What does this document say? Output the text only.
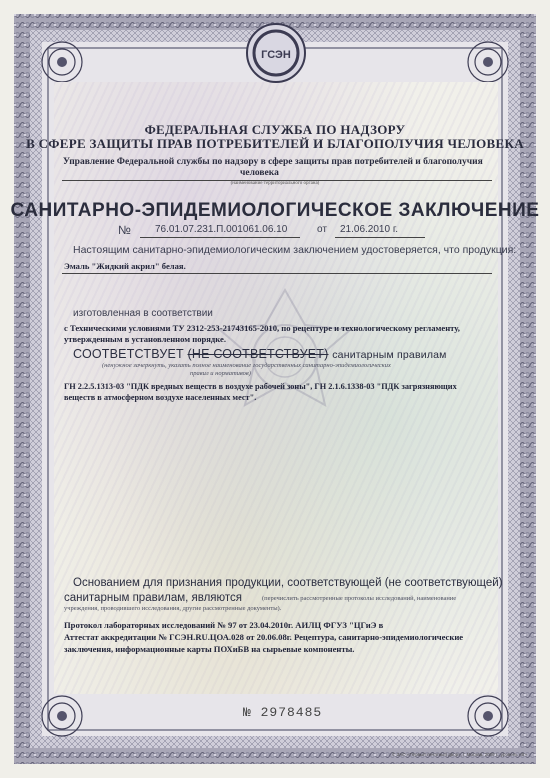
ГСЭН
ФЕДЕРАЛЬНАЯ СЛУЖБА ПО НАДЗОРУ
В СФЕРЕ ЗАЩИТЫ ПРАВ ПОТРЕБИТЕЛЕЙ И БЛАГОПОЛУЧИЯ ЧЕЛОВЕКА
Управление Федеральной службы по надзору в сфере защиты прав потребителей и благополучия
человека
(наименование территориального органа)
САНИТАРНО-ЭПИДЕМИОЛОГИЧЕСКОЕ ЗАКЛЮЧЕНИЕ
№ 76.01.07.231.П.001061.06.10	от 21.06.2010 г.
Настоящим санитарно-эпидемиологическим заключением удостоверяется, что продукция:
Эмаль "Жидкий акрил" белая.
изготовленная в соответствии
с Техническими условиями ТУ 2312-253-21743165-2010, по рецептуре и технологическому регламенту,
утвержденным в установленном порядке.
СООТВЕТСТВУЕТ (НЕ СООТВЕТСТВУЕТ) санитарным правилам
(ненужное зачеркнуть, указать полное наименование государственных санитарно-эпидемиологических
правил и нормативов)
ГН 2.2.5.1313-03 "ПДК вредных веществ в воздухе рабочей зоны", ГН 2.1.6.1338-03 "ПДК загрязняющих
веществ в атмосферном воздухе населенных мест".
Основанием для признания продукции, соответствующей (не соответствующей)
санитарным правилам, являются	(перечислить рассмотренные протоколы исследований, наименование
учреждения, проводившего исследования, другие рассмотренные документы).
Протокол лабораторных исследований № 97 от 23.04.2010г. АИЛЦ ФГУЗ "ЦГиЭ в
Аттестат аккредитации № ГСЭН.RU.ЦОА.028 от 20.06.08г. Рецептура, санитарно-эпидемиологические
заключения, информационные карты ПОХиБВ на сырьевые компоненты.
№ 2978485
© ЗАО «Первый печатный двор», г. Москва, 2009 г., уровень «В»
